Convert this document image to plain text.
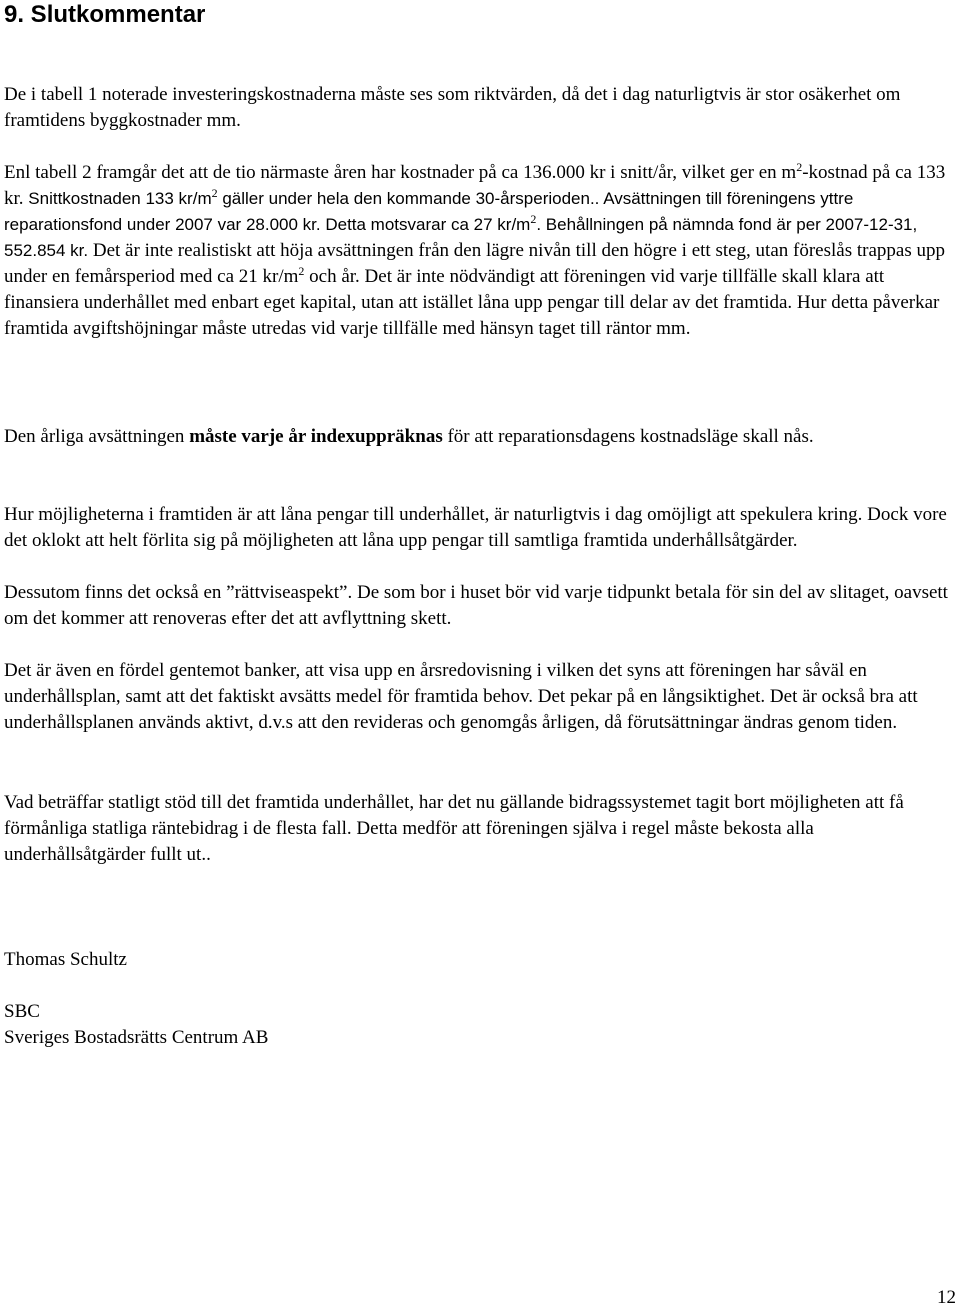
9. Slutkommentar

De i tabell 1 noterade investeringskostnaderna måste ses som riktvärden, då det i dag naturligtvis är stor osäkerhet om framtidens byggkostnader mm.

Enl tabell 2 framgår det att de tio närmaste åren har kostnader på ca 136.000 kr i snitt/år, vilket ger en $m^2$-kostnad på ca 133 kr. Snittkostnaden 133 $kr/m^2$ gäller under hela den kommande 30-årsperioden.. Avsättningen till föreningens yttre reparationsfond under 2007 var 28.000 kr. Detta motsvarar ca 27 $kr/m^2$. Behållningen på nämnda fond är per 2007-12-31, 552.854 kr. Det är inte realistiskt att höja avsättningen från den lägre nivån till den högre i ett steg, utan föreslås trappas upp under en femårsperiod med ca 21 $kr/m^2$ och år. Det är inte nödvändigt att föreningen vid varje tillfälle skall klara att finansiera underhållet med enbart eget kapital, utan att istället låna upp pengar till delar av det framtida. Hur detta påverkar framtida avgiftshöjningar måste utredas vid varje tillfälle med hänsyn taget till räntor mm.

Den årliga avsättningen måste varje år indexuppräknas för att reparationsdagens kostnadsläge skall nås.

Hur möjligheterna i framtiden är att låna pengar till underhållet, är naturligtvis i dag omöjligt att spekulera kring. Dock vore det oklokt att helt förlita sig på möjligheten att låna upp pengar till samtliga framtida underhållsåtgärder.

Dessutom finns det också en ”rättviseaspekt”. De som bor i huset bör vid varje tidpunkt betala för sin del av slitaget, oavsett om det kommer att renoveras efter det att avflyttning skett.

Det är även en fördel gentemot banker, att visa upp en årsredovisning i vilken det syns att föreningen har såväl en underhållsplan, samt att det faktiskt avsätts medel för framtida behov. Det pekar på en långsiktighet. Det är också bra att underhållsplanen används aktivt, d.v.s att den revideras och genomgås årligen, då förutsättningar ändras genom tiden.

Vad beträffar statligt stöd till det framtida underhållet, har det nu gällande bidragssystemet tagit bort möjligheten att få förmånliga statliga räntebidrag i de flesta fall. Detta medför att föreningen själva i regel måste bekosta alla underhållsåtgärder fullt ut..

Thomas Schultz

SBC

Sveriges Bostadsrätts Centrum AB

12
